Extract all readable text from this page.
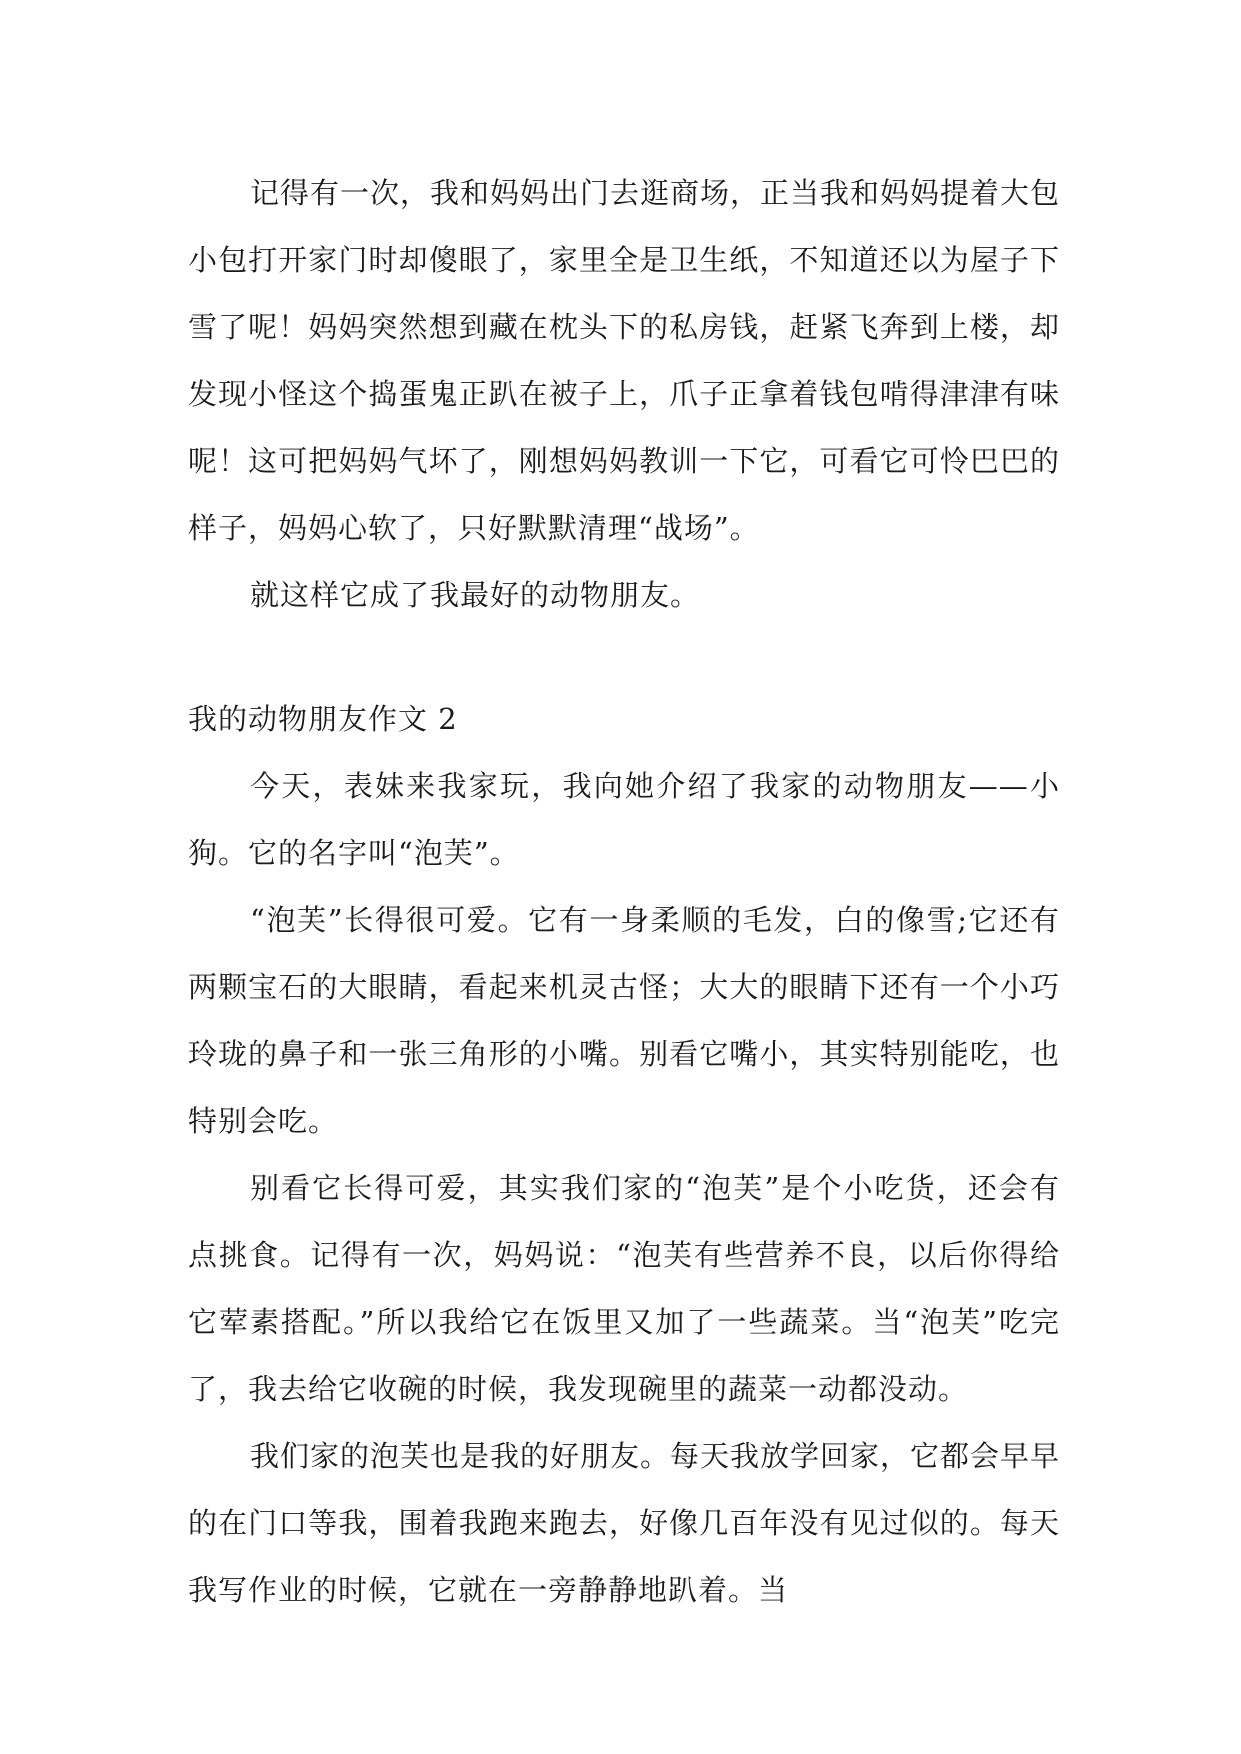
记得有一次，我和妈妈出门去逛商场，正当我和妈妈提着大包小包打开家门时却傻眼了，家里全是卫生纸，不知道还以为屋子下雪了呢！妈妈突然想到藏在枕头下的私房钱，赶紧飞奔到上楼，却发现小怪这个捣蛋鬼正趴在被子上，爪子正拿着钱包啃得津津有味呢！这可把妈妈气坏了，刚想妈妈教训一下它，可看它可怜巴巴的样子，妈妈心软了，只好默默清理“战场”。

就这样它成了我最好的动物朋友。

我的动物朋友作文 2

今天，表妹来我家玩，我向她介绍了我家的动物朋友——小狗。它的名字叫“泡芙”。

“泡芙”长得很可爱。它有一身柔顺的毛发，白的像雪;它还有两颗宝石的大眼睛，看起来机灵古怪；大大的眼睛下还有一个小巧玲珑的鼻子和一张三角形的小嘴。别看它嘴小，其实特别能吃，也特别会吃。

别看它长得可爱，其实我们家的“泡芙”是个小吃货，还会有点挑食。记得有一次，妈妈说：“泡芙有些营养不良，以后你得给它荤素搭配。”所以我给它在饭里又加了一些蔬菜。当“泡芙”吃完了，我去给它收碗的时候，我发现碗里的蔬菜一动都没动。

我们家的泡芙也是我的好朋友。每天我放学回家，它都会早早的在门口等我，围着我跑来跑去，好像几百年没有见过似的。每天我写作业的时候，它就在一旁静静地趴着。当
